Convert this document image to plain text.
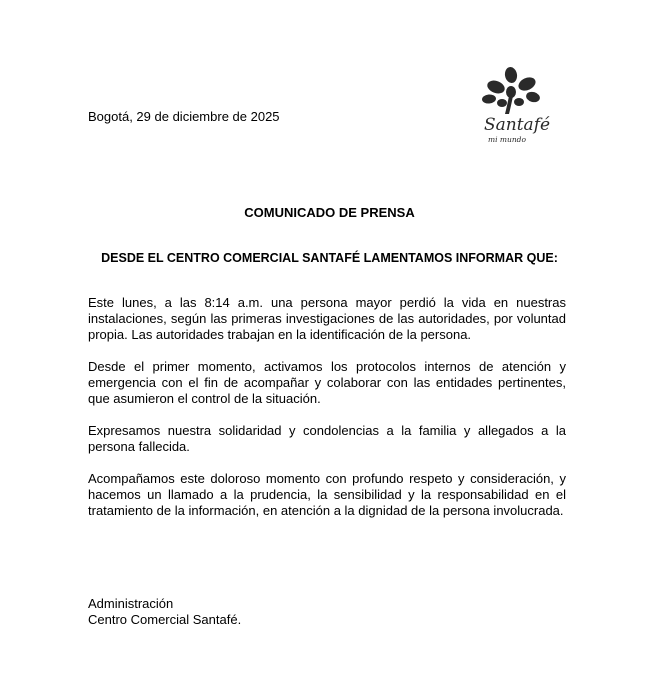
Bogotá, 29 de diciembre de 2025	Santafé
mi mundo
COMUNICADO DE PRENSA
DESDE EL CENTRO COMERCIAL SANTAFÉ LAMENTAMOS INFORMAR QUE:

Este lunes, a las 8:14 a.m. una persona mayor perdió la vida en nuestras instalaciones, según las primeras investigaciones de las autoridades, por voluntad propia. Las autoridades trabajan en la identificación de la persona.

Desde el primer momento, activamos los protocolos internos de atención y emergencia con el fin de acompañar y colaborar con las entidades pertinentes, que asumieron el control de la situación.

Expresamos nuestra solidaridad y condolencias a la familia y allegados a la persona fallecida.

Acompañamos este doloroso momento con profundo respeto y consideración, y hacemos un llamado a la prudencia, la sensibilidad y la responsabilidad en el tratamiento de la información, en atención a la dignidad de la persona involucrada.

Administración
Centro Comercial Santafé.
